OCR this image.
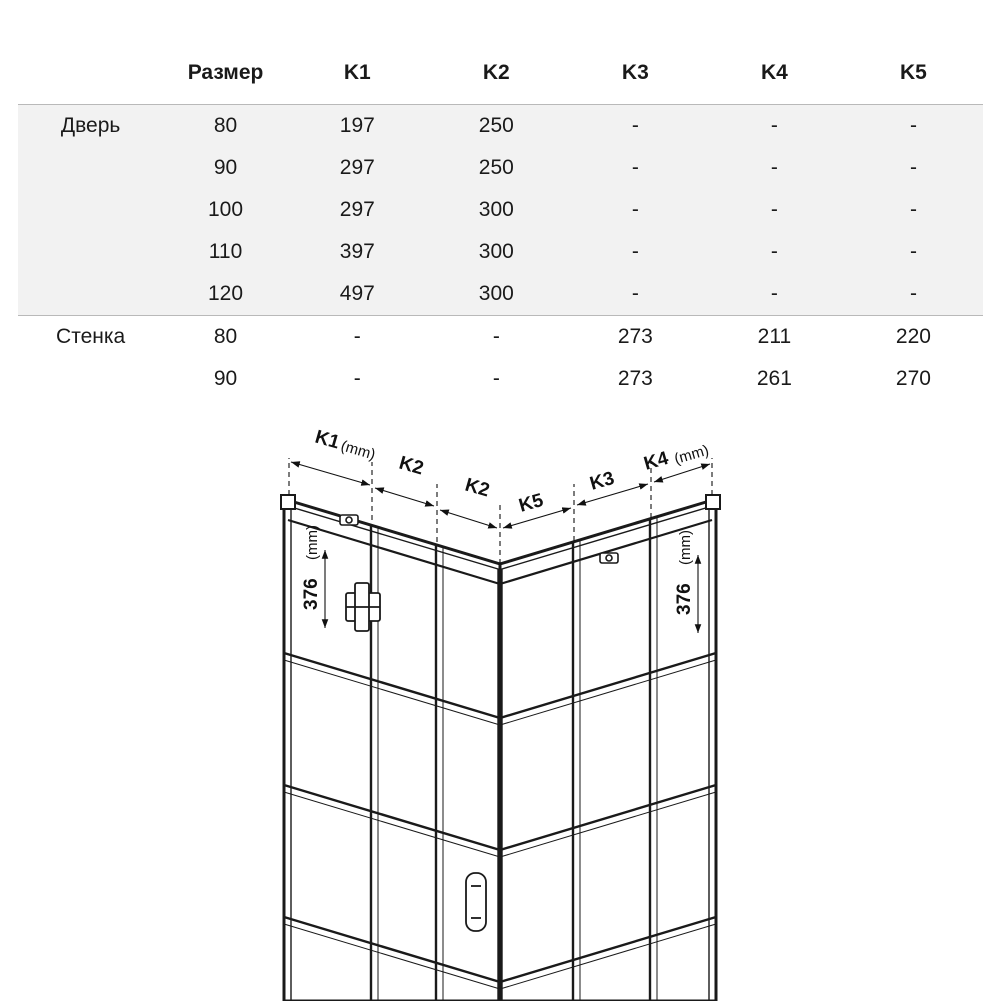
	Размер	K1	K2	K3	K4	K5
Дверь	80	197	250	-	-	-
	90	297	250	-	-	-
	100	297	300	-	-	-
	110	397	300	-	-	-
	120	497	300	-	-	-
Стенка	80	-	-	273	211	220
	90	-	-	273	261	270
K1
(mm)
K2
K2
K5
K3
K4 (mm)
376
(mm)
376
(mm)
